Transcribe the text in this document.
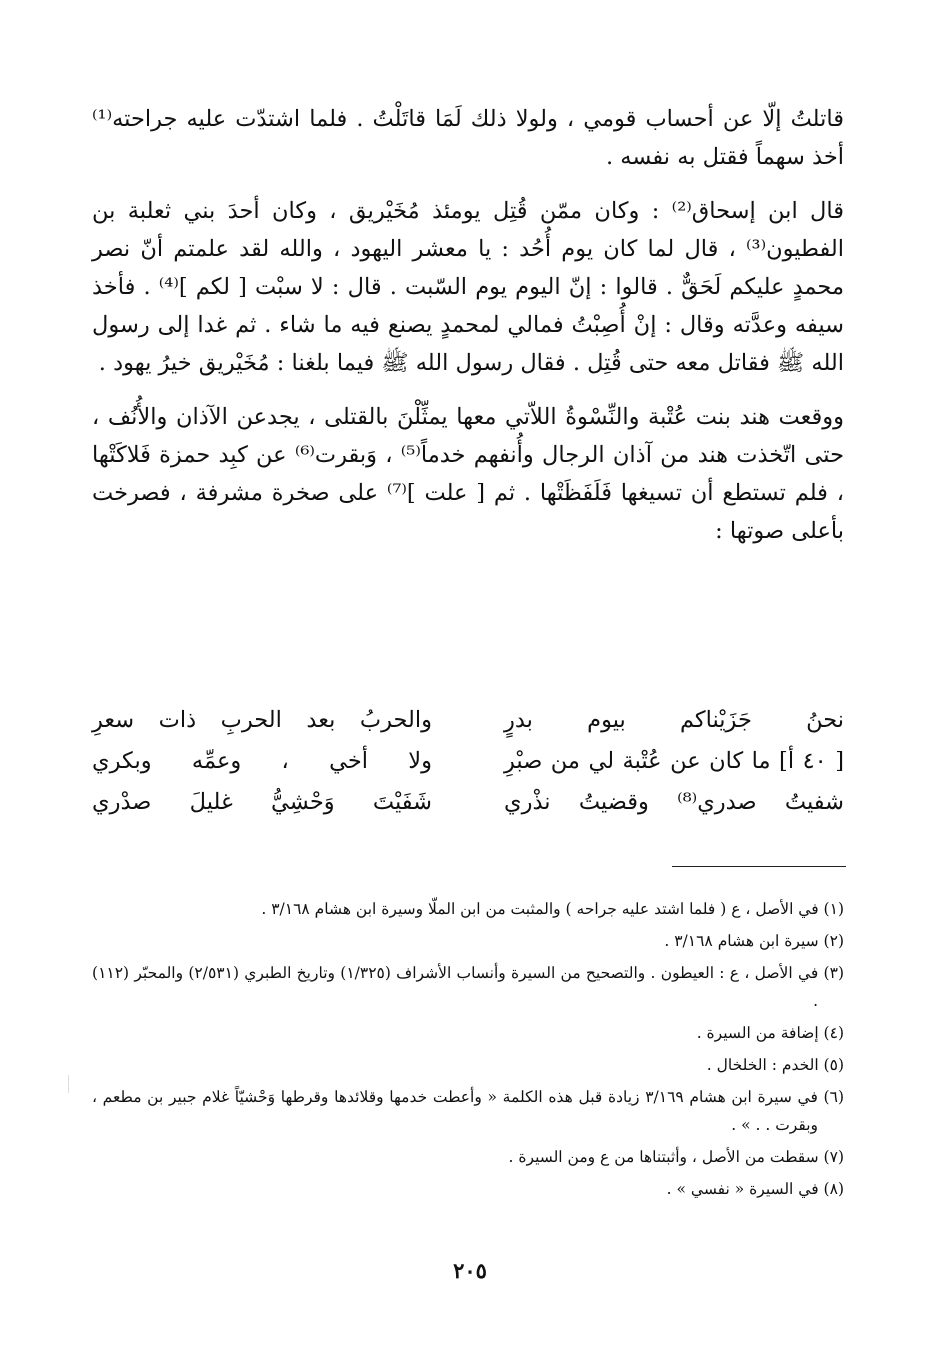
قاتلتُ إلّا عن أحساب قومي ، ولولا ذلك لَمَا قاتَلْتُ . فلما اشتدّت عليه جراحته⁽¹⁾ أخذ سهماً فقتل به نفسه .

قال ابن إسحاق⁽²⁾ : وكان ممّن قُتِل يومئذ مُخَيْريق ، وكان أحدَ بني ثعلبة بن الفطيون⁽³⁾ ، قال لما كان يوم أُحُد : يا معشر اليهود ، والله لقد علمتم أنّ نصر محمدٍ عليكم لَحَقٌّ . قالوا : إنّ اليوم يوم السّبت . قال : لا سبْت [ لكم ]⁽⁴⁾ . فأخذ سيفه وعدَّته وقال : إنْ أُصِبْتُ فمالي لمحمدٍ يصنع فيه ما شاء . ثم غدا إلى رسول الله ﷺ فقاتل معه حتى قُتِل . فقال رسول الله ﷺ فيما بلغنا : مُخَيْريق خيرُ يهود .

ووقعت هند بنت عُتْبة والنِّسْوةُ اللاّتي معها يمثِّلْنَ بالقتلى ، يجدعن الآذان والأُنُف ، حتى اتّخذت هند من آذان الرجال وأُنفهم خدماً⁽⁵⁾ ، وَبقرت⁽⁶⁾ عن كبِد حمزة فَلاكَتْها ، فلم تستطع أن تسيغها فَلَفَظَتْها . ثم [ علت ]⁽⁷⁾ على صخرة مشرفة ، فصرخت بأعلى صوتها :

نحنُ جَزَيْناكم بيوم بدرٍ
والحربُ بعد الحربِ ذات سعرِ
[ ٤٠ أ] ما كان عن عُتْبة لي من صبْرِ
ولا أخي ، وعمِّه وبكري
شفيتُ صدري⁽⁸⁾ وقضيتُ نذْري
شَفَيْتَ وَحْشِيُّ غليلَ صدْري

(١) في الأصل ، ع ( فلما اشتد عليه جراحه ) والمثبت من ابن الملّا وسيرة ابن هشام ٣/١٦٨ .

(٢) سيرة ابن هشام ٣/١٦٨ .

(٣) في الأصل ، ع : العيطون . والتصحيح من السيرة وأنساب الأشراف (١/٣٢٥) وتاريخ الطبري (٢/٥٣١) والمحبّر (١١٢) .

(٤) إضافة من السيرة .

(٥) الخدم : الخلخال .

(٦) في سيرة ابن هشام ٣/١٦٩ زيادة قبل هذه الكلمة « وأعطت خدمها وقلائدها وقرطها وَحْشيّاً غلام جبير بن مطعم ، وبقرت . . » .

(٧) سقطت من الأصل ، وأثبتناها من ع ومن السيرة .

(٨) في السيرة « نفسي » .

٢٠٥
